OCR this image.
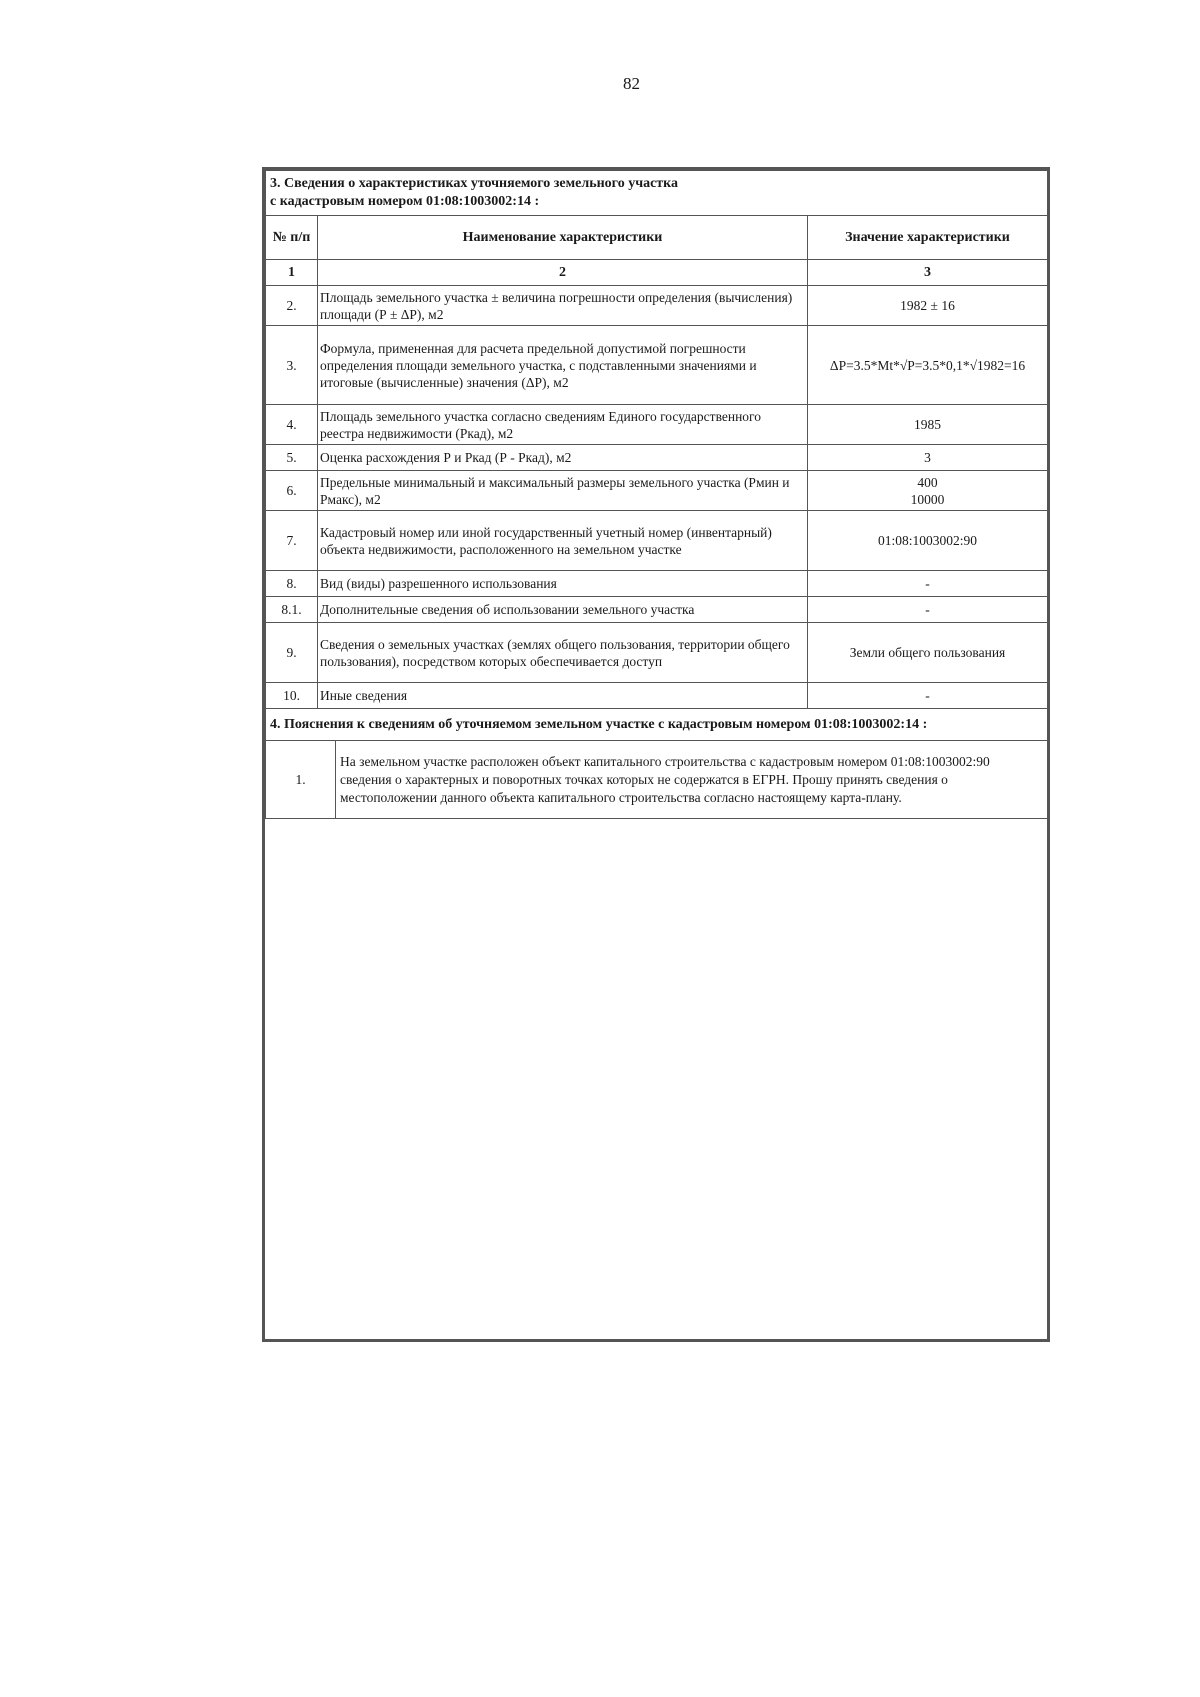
82
3. Сведения о характеристиках уточняемого земельного участка
с кадастровым номером 01:08:1003002:14 :			
№ п/п	Наименование характеристики		Значение характеристики
1	2		3
2.	Площадь земельного участка ± величина погрешности определения (вычисления) площади (Р ± ΔР), м2		1982 ± 16
3.	Формула, примененная для расчета предельной допустимой погрешности определения площади земельного участка, с подставленными значениями и итоговые (вычисленные) значения (ΔР), м2		ΔР=3.5*Mt*√P=3.5*0,1*√1982=16
4.	Площадь земельного участка согласно сведениям Единого государственного реестра недвижимости (Ркад), м2		1985
5.	Оценка расхождения Р и Ркад (Р - Ркад), м2		3
6.	Предельные минимальный и максимальный размеры земельного участка (Рмин и Рмакс), м2		400
10000
7.	Кадастровый номер или иной государственный учетный номер (инвентарный) объекта недвижимости, расположенного на земельном участке		01:08:1003002:90
8.	Вид (виды) разрешенного использования		-
8.1.	Дополнительные сведения об использовании земельного участка		-
9.	Сведения о земельных участках (землях общего пользования, территории общего пользования), посредством которых обеспечивается доступ		Земли общего пользования
10.	Иные сведения		-
4. Пояснения к сведениям об уточняемом земельном участке с кадастровым номером 01:08:1003002:14 :			
1.		На земельном участке расположен объект капитального строительства с кадастровым номером 01:08:1003002:90 сведения о характерных и поворотных точках которых не содержатся в ЕГРН. Прошу принять сведения о местоположении данного объекта капитального строительства согласно настоящему карта-плану.	
